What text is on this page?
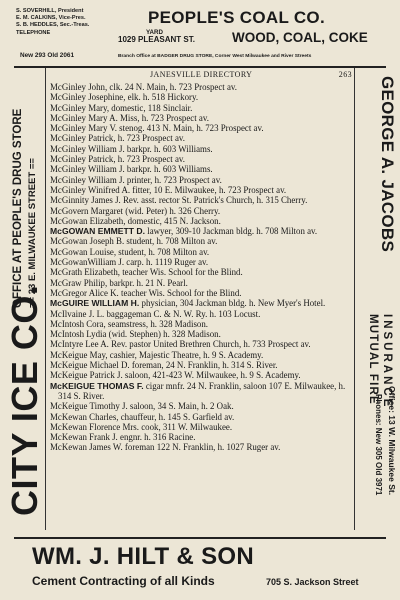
S. SOVERHILL, President
E. M. CALKINS, Vice-Pres.
S. B. HEDDLES, Sec.-Treas.
TELEPHONE
New 293 Old 2061
PEOPLE'S COAL CO.
YARD
1029 PLEASANT ST.	WOOD, COAL, COKE
Branch Office at BADGER DRUG STORE, Corner West Milwaukee and River Streets
JANESVILLE DIRECTORY	263
CITY ICE CO.
OFFICE AT PEOPLE'S DRUG STORE == 23 E. MILWAUKEE STREET ==	GEORGE A. JACOBS
MUTUAL FIRE INSURANCE
Office: 13 W. Milwaukee St.
Phones: New 305 Old 3971
McGinley John, clk. 24 N. Main, h. 723 Prospect av.
McGinley Josephine, elk. h. 518 Hickory.
McGinley Mary, domestic, 118 Sinclair.
McGinley Mary A. Miss, h. 723 Prospect av.
McGinley Mary V. stenog. 413 N. Main, h. 723 Prospect av.
McGinley Patrick, h. 723 Prospect av.
McGinley William J. barkpr. h. 603 Williams.
McGinley Patrick, h. 723 Prospect av.
McGinley William J. barkpr. h. 603 Williams.
McGinley William J. printer, h. 723 Prospect av.
McGinley Winifred A. fitter, 10 E. Milwaukee, h. 723 Prospect av.
McGinnity James J. Rev. asst. rector St. Patrick's Church, h. 315 Cherry.
McGovern Margaret (wid. Peter) h. 326 Cherry.
McGowan Elizabeth, domestic, 415 N. Jackson.
McGOWAN EMMETT D. lawyer, 309-10 Jackman bldg. h. 708 Milton av.
McGowan Joseph B. student, h. 708 Milton av.
McGowan Louise, student, h. 708 Milton av.
McGowanWilliam J. carp. h. 1119 Ruger av.
McGrath Elizabeth, teacher Wis. School for the Blind.
McGraw Philip, barkpr. h. 21 N. Pearl.
McGregor Alice K. teacher Wis. School for the Blind.
McGUIRE WILLIAM H. physician, 304 Jackman bldg. h. New Myer's Hotel.
McIlvaine J. L. baggageman C. & N. W. Ry. h. 103 Locust.
McIntosh Cora, seamstress, h. 328 Madison.
McIntosh Lydia (wid. Stephen) h. 328 Madison.
McIntyre Lee A. Rev. pastor United Brethren Church, h. 733 Prospect av.
McKeigue May, cashier, Majestic Theatre, h. 9 S. Academy.
McKeigue Michael D. foreman, 24 N. Franklin, h. 314 S. River.
McKeigue Patrick J. saloon, 421-423 W. Milwaukee, h. 9 S. Academy.
McKEIGUE THOMAS F. cigar mnfr. 24 N. Franklin, saloon 107 E. Milwaukee, h. 314 S. River.
McKeigue Timothy J. saloon, 34 S. Main, h. 2 Oak.
McKewan Charles, chauffeur, h. 145 S. Garfield av.
McKewan Florence Mrs. cook, 311 W. Milwaukee.
McKewan Frank J. engnr. h. 316 Racine.
McKewan James W. foreman 122 N. Franklin, h. 1027 Ruger av.
WM. J. HILT & SON
Cement Contracting of all Kinds	705 S. Jackson Street
